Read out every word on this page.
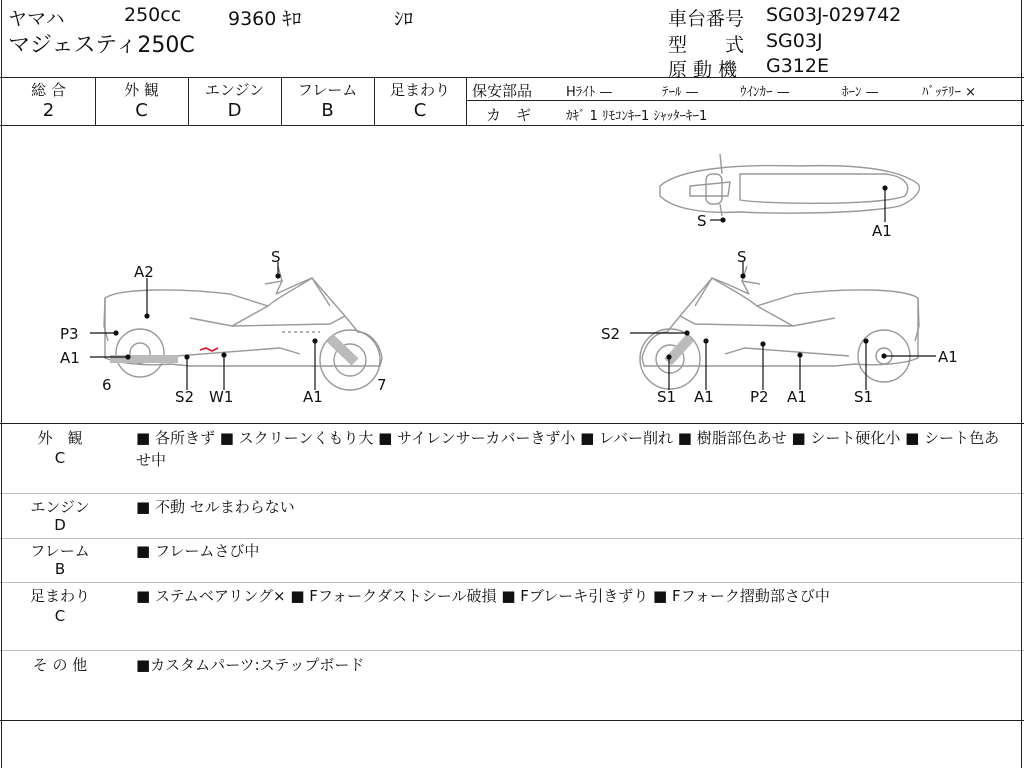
ヤマハ	250cc 9360 ｷﾛ	ｼﾛ
マジェスティ250C
車台番号 SG03J-029742
型　　式 SG03J
原 動 機 G312E
総 合
2
外 観
C
エンジン
D
フレーム
B
足まわり
C
保安部品	Hﾗｲﾄ —	ﾃｰﾙ —	ｳｲﾝｶｰ —	ﾎｰﾝ —	ﾊﾞｯﾃﾘｰ ×
カ　ギ	ｶｷﾞ 1 ﾘﾓｺﾝｷｰ1 ｼｬｯﾀｰｷｰ1
S
A2
P3
A1
6
S2 W1	A1
7
S
S2
S1 A1 P2 A1	S1
A1
S
A1
外　観
C
■ 各所きず ■ スクリーンくもり大 ■ サイレンサーカバーきず小 ■ レバー削れ ■ 樹脂部色あせ ■ シート硬化小 ■ シート色あせ中
エンジン
D
■ 不動 セルまわらない
フレーム
B
■ フレームさび中
足まわり
C
■ ステムベアリング× ■ Fフォークダストシール破損 ■ Fブレーキ引きずり ■ Fフォーク摺動部さび中
そ の 他	■カスタムパーツ:ステップボード
